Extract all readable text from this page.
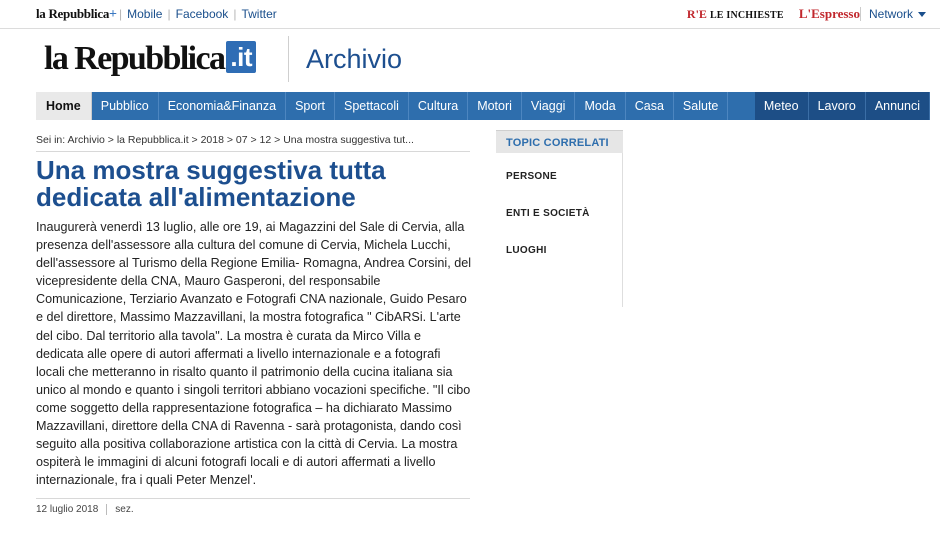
la Repubblica+ | Mobile | Facebook | Twitter	R'E LE INCHIESTE L'Espresso Network
la Repubblica .it	Archivio
Home	Pubblico	Economia&Finanza	Sport	Spettacoli	Cultura	Motori	Viaggi	Moda	Casa	Salute	Meteo	Lavoro	Annunci
Sei in: Archivio > la Repubblica.it > 2018 > 07 > 12 > Una mostra suggestiva tut...
Una mostra suggestiva tutta dedicata all'alimentazione

Inaugurerà venerdì 13 luglio, alle ore 19, ai Magazzini del Sale di Cervia, alla presenza dell'assessore alla cultura del comune di Cervia, Michela Lucchi, dell'assessore al Turismo della Regione Emilia- Romagna, Andrea Corsini, del vicepresidente della CNA, Mauro Gasperoni, del responsabile Comunicazione, Terziario Avanzato e Fotografi CNA nazionale, Guido Pesaro e del direttore, Massimo Mazzavillani, la mostra fotografica " CibARSi. L'arte del cibo. Dal territorio alla tavola". La mostra è curata da Mirco Villa e dedicata alle opere di autori affermati a livello internazionale e a fotografi locali che metteranno in risalto quanto il patrimonio della cucina italiana sia unico al mondo e quanto i singoli territori abbiano vocazioni specifiche. "Il cibo come soggetto della rappresentazione fotografica – ha dichiarato Massimo Mazzavillani, direttore della CNA di Ravenna - sarà protagonista, dando così seguito alla positiva collaborazione artistica con la città di Cervia. La mostra ospiterà le immagini di alcuni fotografi locali e di autori affermati a livello internazionale, fra i quali Peter Menzel'.

12 luglio 2018 sez.
TOPIC CORRELATI
PERSONE
ENTI E SOCIETÀ
LUOGHI
